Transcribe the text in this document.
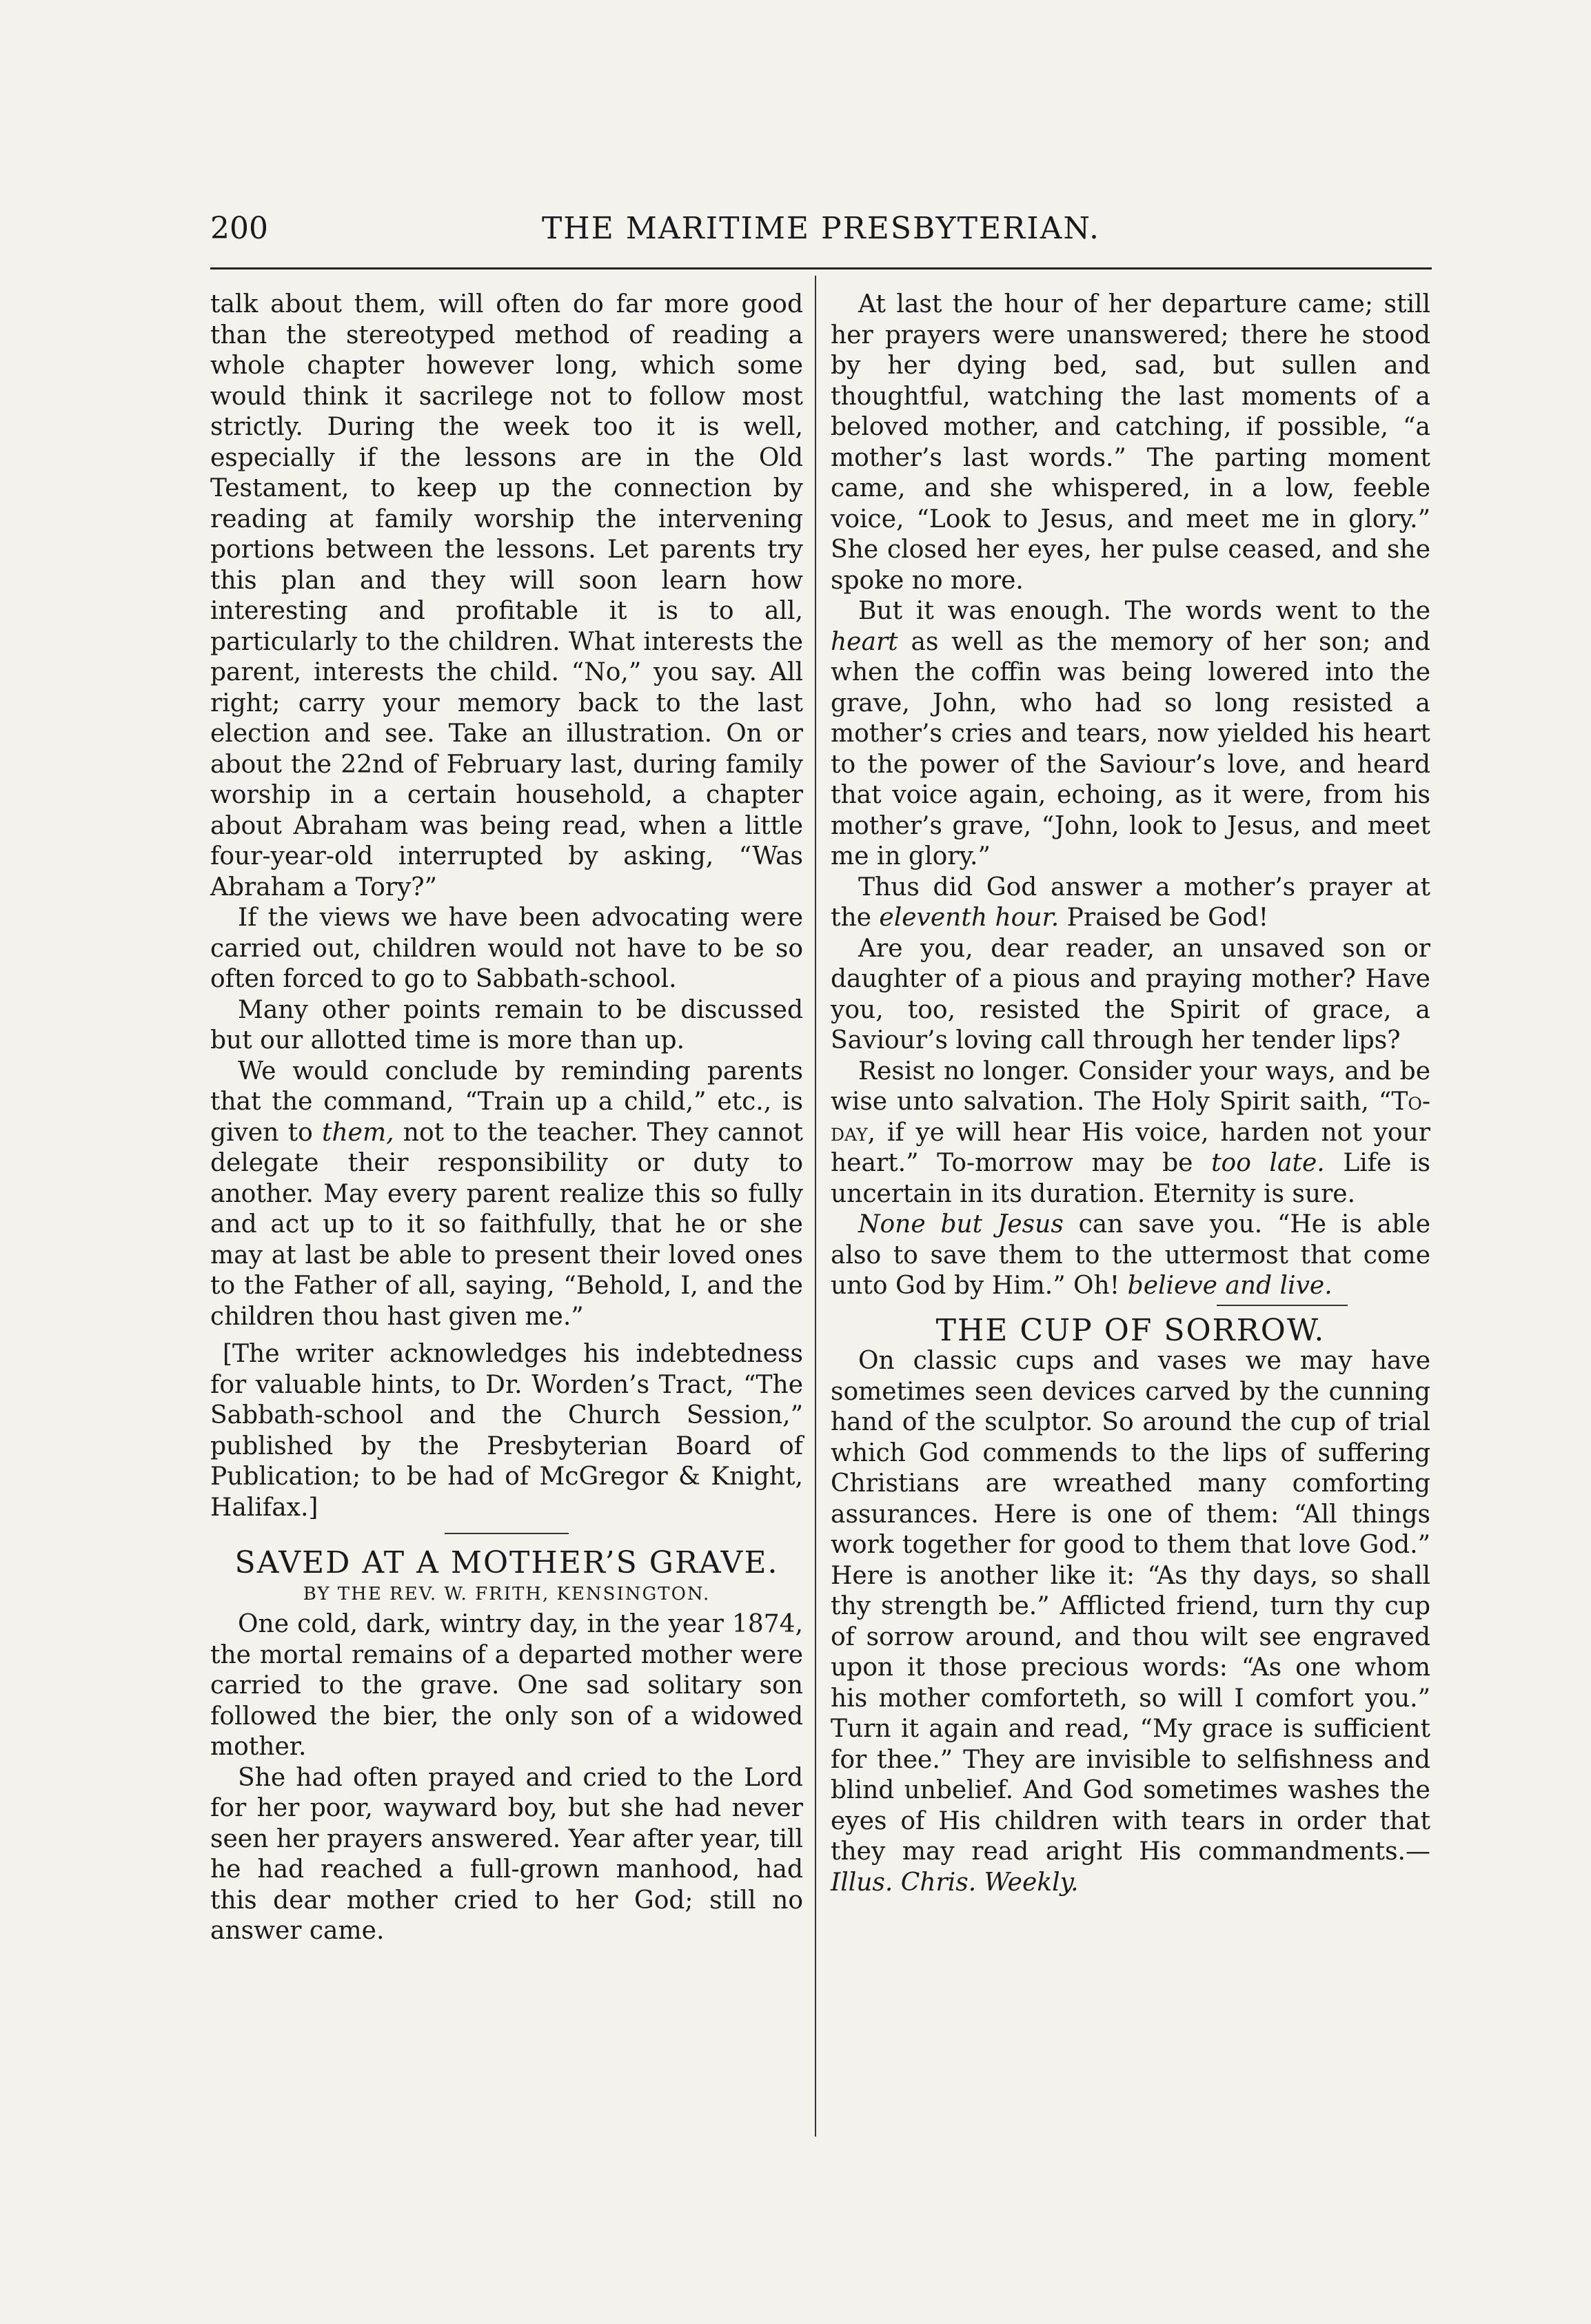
200	THE MARITIME PRESBYTERIAN.

talk about them, will often do far more good than the stereotyped method of reading a whole chapter however long, which some would think it sacrilege not to follow most strictly. During the week too it is well, especially if the lessons are in the Old Testament, to keep up the connection by reading at family worship the intervening portions between the lessons. Let parents try this plan and they will soon learn how interesting and profitable it is to all, particularly to the children. What interests the parent, interests the child. “No,” you say. All right; carry your memory back to the last election and see. Take an illustration. On or about the 22nd of February last, during family worship in a certain household, a chapter about Abraham was being read, when a little four-year-old interrupted by asking, “Was Abraham a Tory?”

If the views we have been advocating were carried out, children would not have to be so often forced to go to Sabbath-school.

Many other points remain to be discussed but our allotted time is more than up.

We would conclude by reminding parents that the command, “Train up a child,” etc., is given to them, not to the teacher. They cannot delegate their responsibility or duty to another. May every parent realize this so fully and act up to it so faithfully, that he or she may at last be able to present their loved ones to the Father of all, saying, “Behold, I, and the children thou hast given me.”

[The writer acknowledges his indebtedness for valuable hints, to Dr. Worden’s Tract, “The Sabbath-school and the Church Session,” published by the Presbyterian Board of Publication; to be had of McGregor & Knight, Halifax.]

SAVED AT A MOTHER’S GRAVE.

BY THE REV. W. FRITH, KENSINGTON.

One cold, dark, wintry day, in the year 1874, the mortal remains of a departed mother were carried to the grave. One sad solitary son followed the bier, the only son of a widowed mother.

She had often prayed and cried to the Lord for her poor, wayward boy, but she had never seen her prayers answered. Year after year, till he had reached a full-grown manhood, had this dear mother cried to her God; still no answer came.

At last the hour of her departure came; still her prayers were unanswered; there he stood by her dying bed, sad, but sullen and thoughtful, watching the last moments of a beloved mother, and catching, if possible, “a mother’s last words.” The parting moment came, and she whispered, in a low, feeble voice, “Look to Jesus, and meet me in glory.” She closed her eyes, her pulse ceased, and she spoke no more.

But it was enough. The words went to the heart as well as the memory of her son; and when the coffin was being lowered into the grave, John, who had so long resisted a mother’s cries and tears, now yielded his heart to the power of the Saviour’s love, and heard that voice again, echoing, as it were, from his mother’s grave, “John, look to Jesus, and meet me in glory.”

Thus did God answer a mother’s prayer at the eleventh hour. Praised be God!

Are you, dear reader, an unsaved son or daughter of a pious and praying mother? Have you, too, resisted the Spirit of grace, a Saviour’s loving call through her tender lips?

Resist no longer. Consider your ways, and be wise unto salvation. The Holy Spirit saith, “To-day, if ye will hear His voice, harden not your heart.” To-morrow may be too late. Life is uncertain in its duration. Eternity is sure.

None but Jesus can save you. “He is able also to save them to the uttermost that come unto God by Him.” Oh! believe and live.

THE CUP OF SORROW.

On classic cups and vases we may have sometimes seen devices carved by the cunning hand of the sculptor. So around the cup of trial which God commends to the lips of suffering Christians are wreathed many comforting assurances. Here is one of them: “All things work together for good to them that love God.” Here is another like it: “As thy days, so shall thy strength be.” Afflicted friend, turn thy cup of sorrow around, and thou wilt see engraved upon it those precious words: “As one whom his mother comforteth, so will I comfort you.” Turn it again and read, “My grace is sufficient for thee.” They are invisible to selfishness and blind unbelief. And God sometimes washes the eyes of His children with tears in order that they may read aright His commandments.—Illus. Chris. Weekly.
